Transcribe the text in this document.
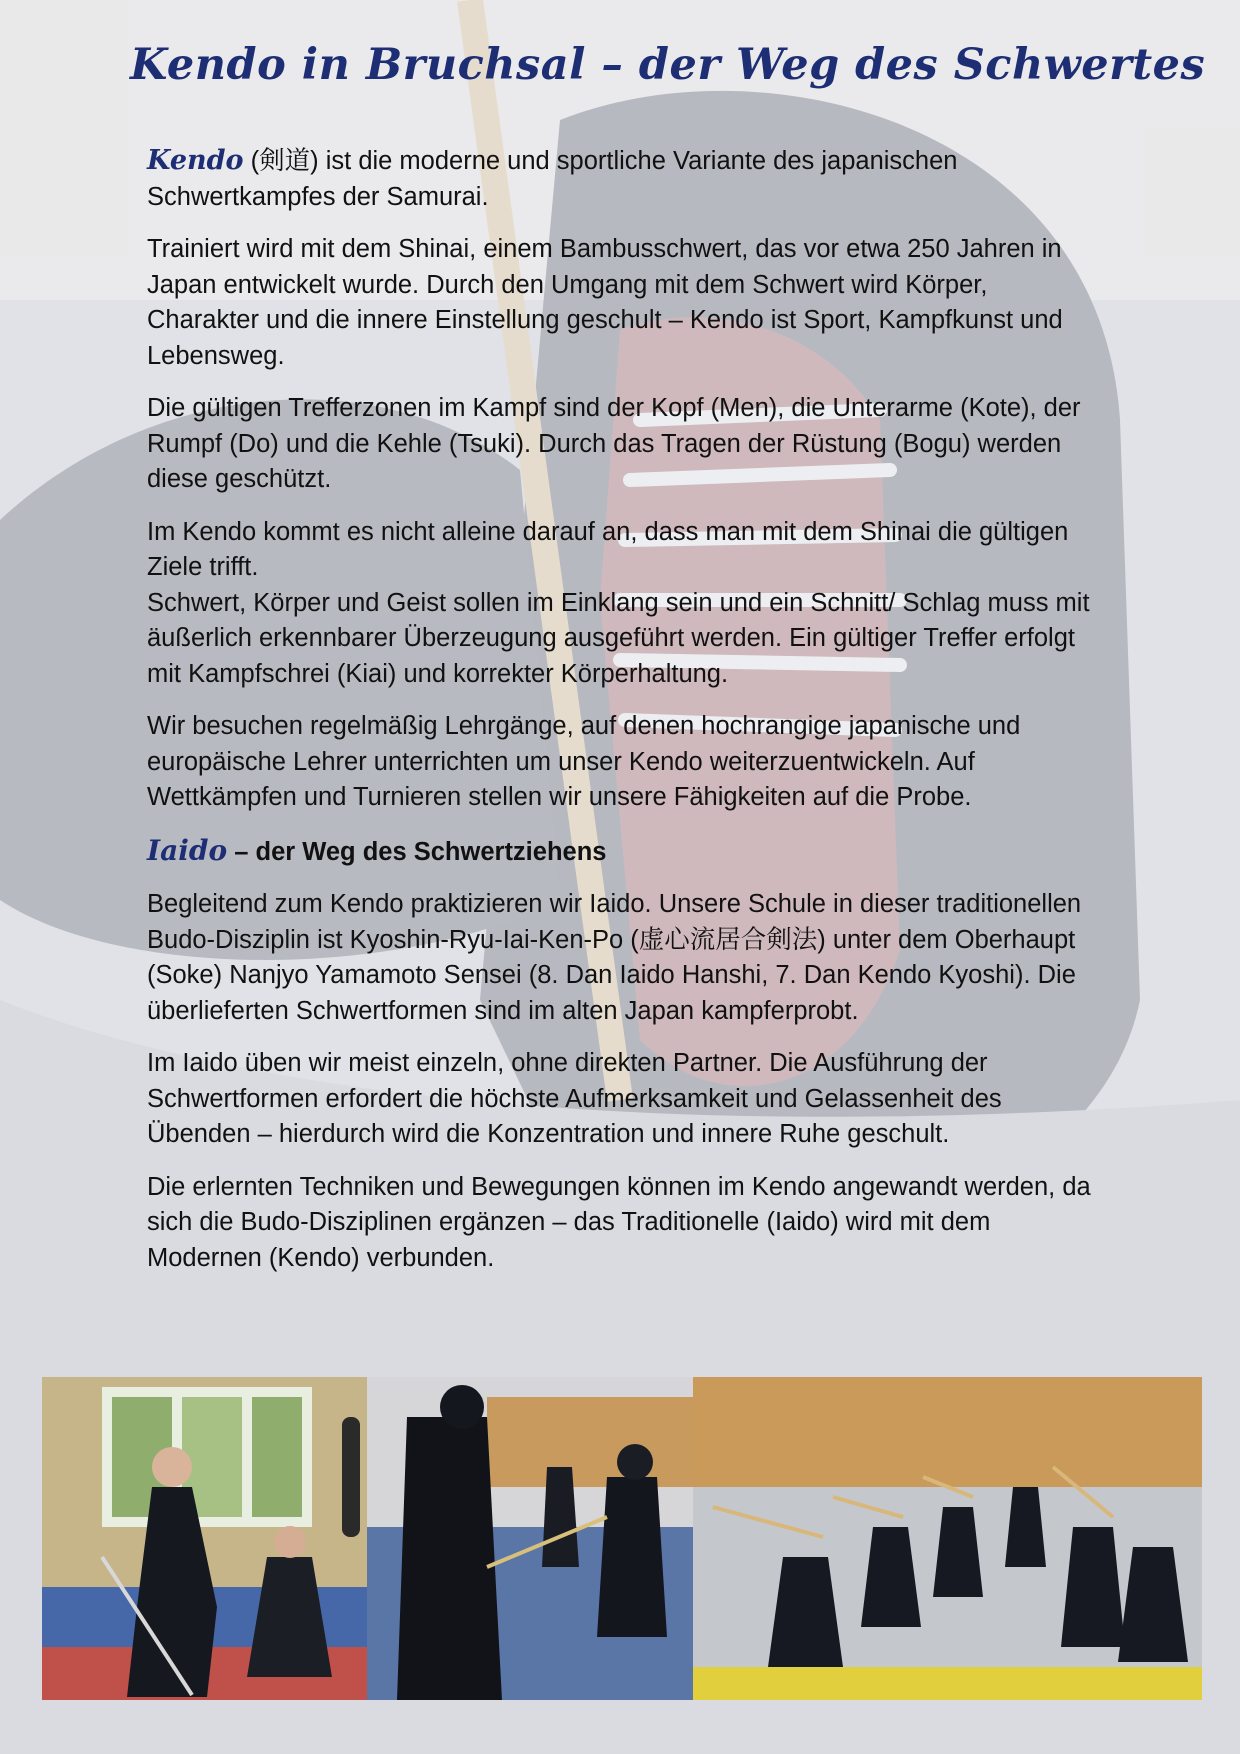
Kendo in Bruchsal – der Weg des Schwertes

Kendo (剣道) ist die moderne und sportliche Variante des japanischen Schwertkampfes der Samurai.

Trainiert wird mit dem Shinai, einem Bambusschwert, das vor etwa 250 Jahren in Japan entwickelt wurde. Durch den Umgang mit dem Schwert wird Körper, Charakter und die innere Einstellung geschult – Kendo ist Sport, Kampfkunst und Lebensweg.

Die gültigen Trefferzonen im Kampf sind der Kopf (Men), die Unterarme (Kote), der Rumpf (Do) und die Kehle (Tsuki). Durch das Tragen der Rüstung (Bogu) werden diese geschützt.

Im Kendo kommt es nicht alleine darauf an, dass man mit dem Shinai die gültigen Ziele trifft.
Schwert, Körper und Geist sollen im Einklang sein und ein Schnitt/ Schlag muss mit äußerlich erkennbarer Überzeugung ausgeführt werden. Ein gültiger Treffer erfolgt mit Kampfschrei (Kiai) und korrekter Körperhaltung.

Wir besuchen regelmäßig Lehrgänge, auf denen hochrangige japanische und europäische Lehrer unterrichten um unser Kendo weiterzuentwickeln. Auf Wettkämpfen und Turnieren stellen wir unsere Fähigkeiten auf die Probe.

Iaido – der Weg des Schwertziehens

Begleitend zum Kendo praktizieren wir Iaido. Unsere Schule in dieser traditionellen Budo-Disziplin ist Kyoshin-Ryu-Iai-Ken-Po (虚心流居合剣法) unter dem Oberhaupt (Soke) Nanjyo Yamamoto Sensei (8. Dan Iaido Hanshi, 7. Dan Kendo Kyoshi). Die überlieferten Schwertformen sind im alten Japan kampferprobt.

Im Iaido üben wir meist einzeln, ohne direkten Partner. Die Ausführung der Schwertformen erfordert die höchste Aufmerksamkeit und Gelassenheit des Übenden – hierdurch wird die Konzentration und innere Ruhe geschult.

Die erlernten Techniken und Bewegungen können im Kendo angewandt werden, da sich die Budo-Disziplinen ergänzen – das Traditionelle (Iaido) wird mit dem Modernen (Kendo) verbunden.
